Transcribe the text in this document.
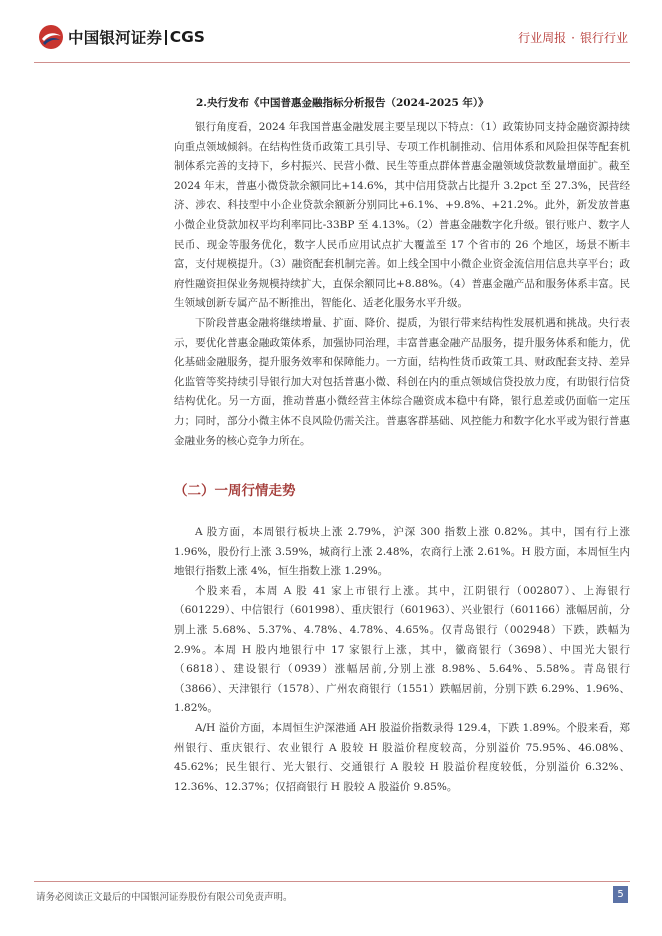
中国银河证券 CGS	行业周报 · 银行行业
2.央行发布《中国普惠金融指标分析报告（2024-2025 年）》

银行角度看，2024 年我国普惠金融发展主要呈现以下特点：（1）政策协同支持金融资源持续向重点领域倾斜。在结构性货币政策工具引导、专项工作机制推动、信用体系和风险担保等配套机制体系完善的支持下，乡村振兴、民营小微、民生等重点群体普惠金融领域贷款数量增面扩。截至 2024 年末，普惠小微贷款余额同比+14.6%，其中信用贷款占比提升 3.2pct 至 27.3%，民营经济、涉农、科技型中小企业贷款余额新分别同比+6.1%、+9.8%、+21.2%。此外，新发放普惠小微企业贷款加权平均利率同比-33BP 至 4.13%。（2）普惠金融数字化升级。银行账户、数字人民币、现金等服务优化，数字人民币应用试点扩大覆盖至 17 个省市的 26 个地区，场景不断丰富，支付规模提升。（3）融资配套机制完善。如上线全国中小微企业资金流信用信息共享平台；政府性融资担保业务规模持续扩大，直保余额同比+8.88%。（4）普惠金融产品和服务体系丰富。民生领域创新专属产品不断推出，智能化、适老化服务水平升级。

下阶段普惠金融将继续增量、扩面、降价、提质，为银行带来结构性发展机遇和挑战。央行表示，要优化普惠金融政策体系，加强协同治理，丰富普惠金融产品服务，提升服务体系和能力，优化基础金融服务，提升服务效率和保障能力。一方面，结构性货币政策工具、财政配套支持、差异化监管等奖持续引导银行加大对包括普惠小微、科创在内的重点领域信贷投放力度，有助银行信贷结构优化。另一方面，推动普惠小微经营主体综合融资成本稳中有降，银行息差或仍面临一定压力；同时，部分小微主体不良风险仍需关注。普惠客群基础、风控能力和数字化水平或为银行普惠金融业务的核心竞争力所在。

（二）一周行情走势

A 股方面，本周银行板块上涨 2.79%，沪深 300 指数上涨 0.82%。其中，国有行上涨 1.96%，股份行上涨 3.59%，城商行上涨 2.48%，农商行上涨 2.61%。H 股方面，本周恒生内地银行指数上涨 4%，恒生指数上涨 1.29%。

个股来看，本周 A 股 41 家上市银行上涨。其中，江阴银行（002807）、上海银行（601229）、中信银行（601998）、重庆银行（601963）、兴业银行（601166）涨幅居前，分别上涨 5.68%、5.37%、4.78%、4.78%、4.65%。仅青岛银行（002948）下跌，跌幅为 2.9%。本周 H 股内地银行中 17 家银行上涨，其中，徽商银行（3698）、中国光大银行（6818）、建设银行（0939）涨幅居前,分别上涨 8.98%、5.64%、5.58%。青岛银行（3866）、天津银行（1578）、广州农商银行（1551）跌幅居前，分别下跌 6.29%、1.96%、1.82%。

A/H 溢价方面，本周恒生沪深港通 AH 股溢价指数录得 129.4，下跌 1.89%。个股来看，郑州银行、重庆银行、农业银行 A 股较 H 股溢价程度较高，分别溢价 75.95%、46.08%、45.62%；民生银行、光大银行、交通银行 A 股较 H 股溢价程度较低，分别溢价 6.32%、12.36%、12.37%；仅招商银行 H 股较 A 股溢价 9.85%。

请务必阅读正文最后的中国银河证券股份有限公司免责声明。	5
